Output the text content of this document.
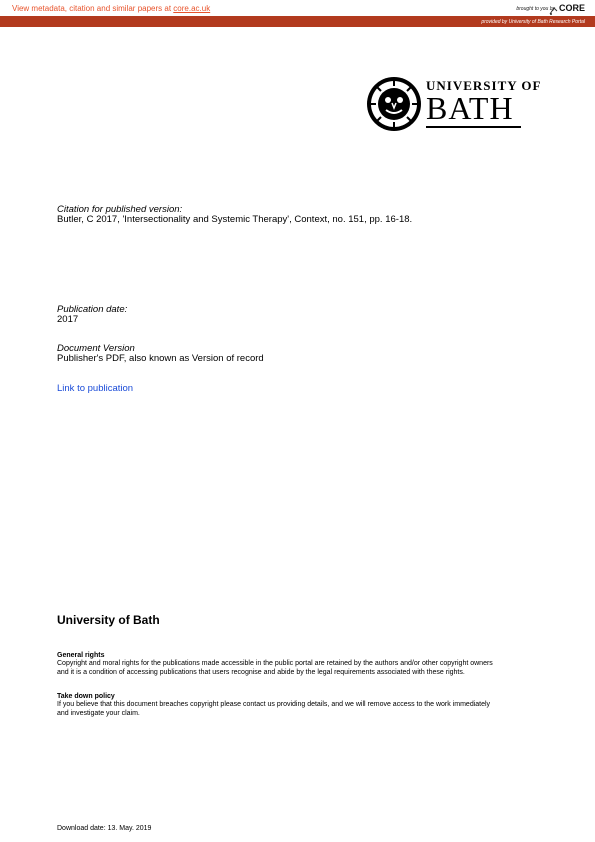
View metadata, citation and similar papers at core.ac.uk	brought to you by CORE
provided by University of Bath Research Portal
UNIVERSITY OF
BATH
Citation for published version:
Butler, C 2017, 'Intersectionality and Systemic Therapy', Context, no. 151, pp. 16-18.
Publication date:
2017
Document Version
Publisher's PDF, also known as Version of record
Link to publication
University of Bath
General rights
Copyright and moral rights for the publications made accessible in the public portal are retained by the authors and/or other copyright owners
and it is a condition of accessing publications that users recognise and abide by the legal requirements associated with these rights.
Take down policy
If you believe that this document breaches copyright please contact us providing details, and we will remove access to the work immediately
and investigate your claim.
Download date: 13. May. 2019
